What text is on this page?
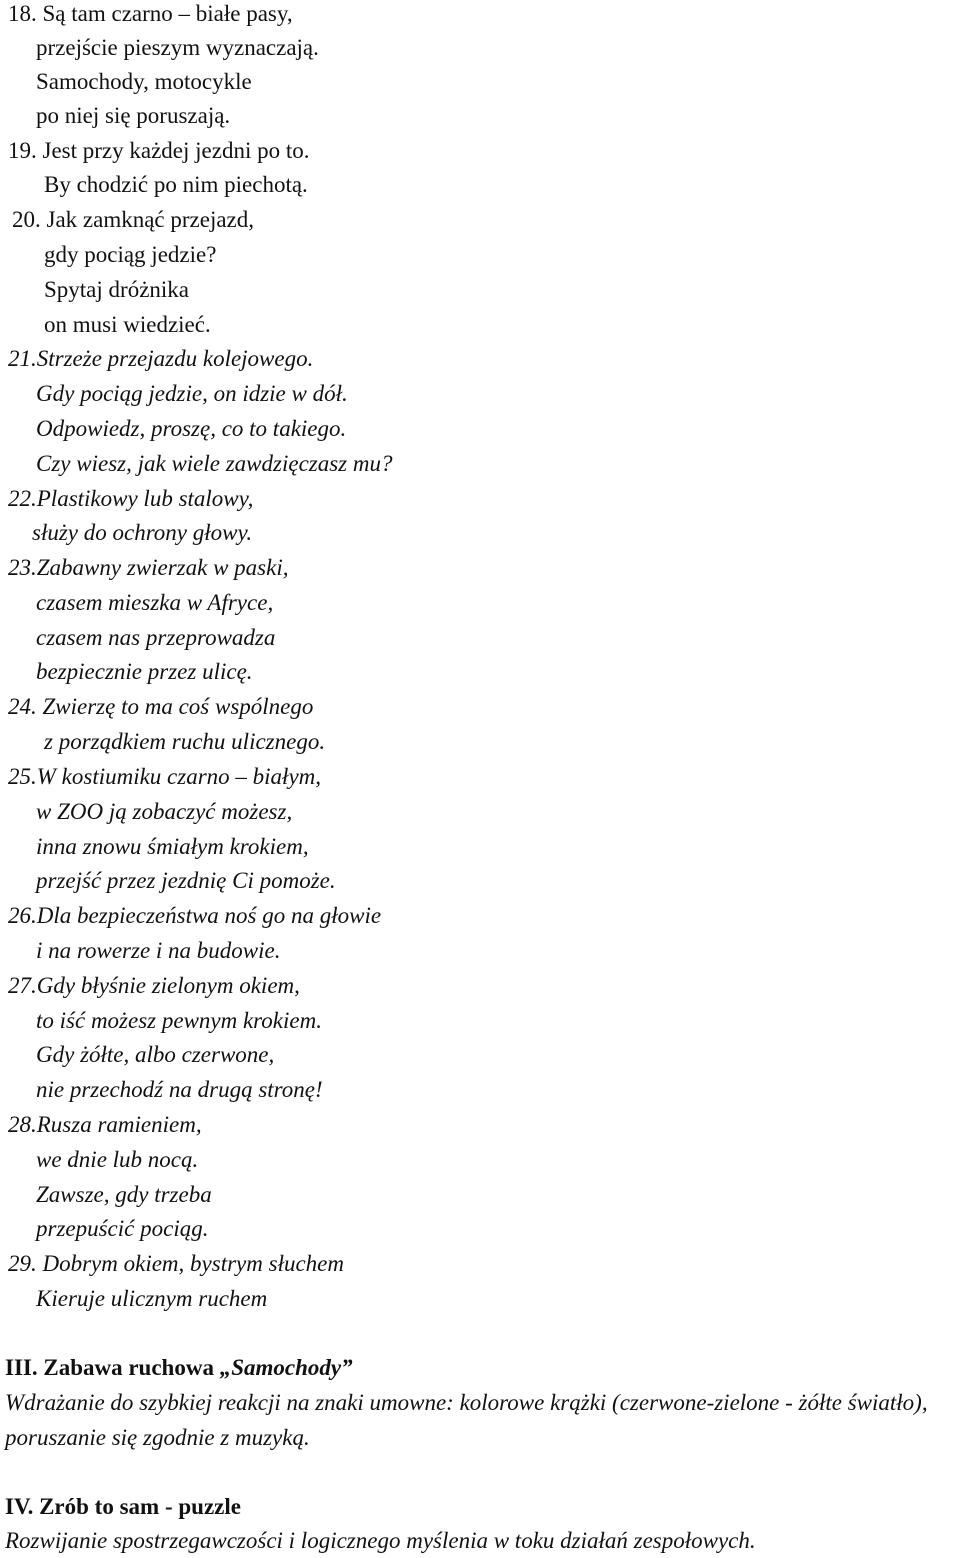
18. Są tam czarno – białe pasy,
przejście pieszym wyznaczają.
Samochody, motocykle
po niej się poruszają.
19. Jest przy każdej jezdni po to.
By chodzić po nim piechotą.
20. Jak zamknąć przejazd,
gdy pociąg jedzie?
Spytaj dróżnika
on musi wiedzieć.
21.Strzeże przejazdu kolejowego.
Gdy pociąg jedzie, on idzie w dół.
Odpowiedz, proszę, co to takiego.
Czy wiesz, jak wiele zawdzięczasz mu?
22.Plastikowy lub stalowy,
służy do ochrony głowy.
23.Zabawny zwierzak w paski,
czasem mieszka w Afryce,
czasem nas przeprowadza
bezpiecznie przez ulicę.
24. Zwierzę to ma coś wspólnego
z porządkiem ruchu ulicznego.
25.W kostiumiku czarno – białym,
w ZOO ją zobaczyć możesz,
inna znowu śmiałym krokiem,
przejść przez jezdnię Ci pomoże.
26.Dla bezpieczeństwa noś go na głowie
i na rowerze i na budowie.
27.Gdy błyśnie zielonym okiem,
to iść możesz pewnym krokiem.
Gdy żółte, albo czerwone,
nie przechodź na drugą stronę!
28.Rusza ramieniem,
we dnie lub nocą.
Zawsze, gdy trzeba
przepuścić pociąg.
29. Dobrym okiem, bystrym słuchem
Kieruje ulicznym ruchem
III. Zabawa ruchowa „Samochody”
Wdrażanie do szybkiej reakcji na znaki umowne: kolorowe krążki (czerwone-zielone - żółte światło), poruszanie się zgodnie z muzyką.
IV. Zrób to sam - puzzle
Rozwijanie spostrzegawczości i logicznego myślenia w toku działań zespołowych.
